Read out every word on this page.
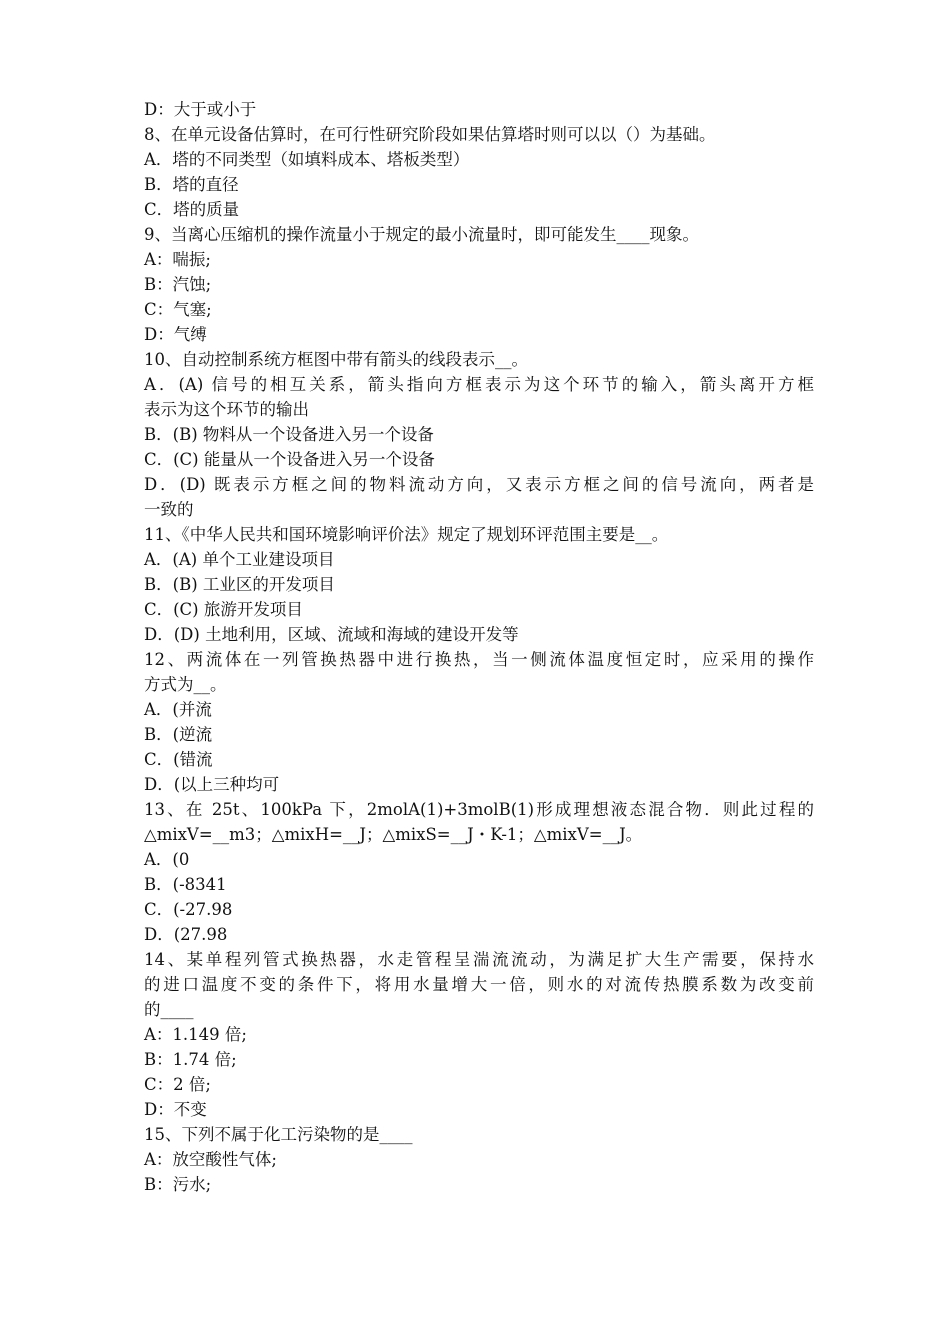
D：大于或小于
8、在单元设备估算时，在可行性研究阶段如果估算塔时则可以以（）为基础。
A．塔的不同类型（如填料成本、塔板类型）
B．塔的直径
C．塔的质量
9、当离心压缩机的操作流量小于规定的最小流量时，即可能发生____现象。
A：喘振;
B：汽蚀;
C：气塞;
D：气缚
10、自动控制系统方框图中带有箭头的线段表示__。
A．(A) 信号的相互关系，箭头指向方框表示为这个环节的输入，箭头离开方框
表示为这个环节的输出
B．(B) 物料从一个设备进入另一个设备
C．(C) 能量从一个设备进入另一个设备
D．(D) 既表示方框之间的物料流动方向，又表示方框之间的信号流向，两者是
一致的
11、《中华人民共和国环境影响评价法》规定了规划环评范围主要是__。
A．(A) 单个工业建设项目
B．(B) 工业区的开发项目
C．(C) 旅游开发项目
D．(D) 土地利用，区域、流域和海域的建设开发等
12、两流体在一列管换热器中进行换热，当一侧流体温度恒定时，应采用的操作
方式为__。
A．(并流
B．(逆流
C．(错流
D．(以上三种均可
13、在 25t、100kPa 下，2molA(1)+3molB(1)形成理想液态混合物．则此过程的
△mixV=__m3；△mixH=__J；△mixS=__J・K-1；△mixV=__J。
A．(0
B．(-8341
C．(-27.98
D．(27.98
14、某单程列管式换热器，水走管程呈湍流流动，为满足扩大生产需要，保持水
的进口温度不变的条件下，将用水量增大一倍，则水的对流传热膜系数为改变前
的____
A：1.149 倍;
B：1.74 倍;
C：2 倍;
D：不变
15、下列不属于化工污染物的是____
A：放空酸性气体;
B：污水;
